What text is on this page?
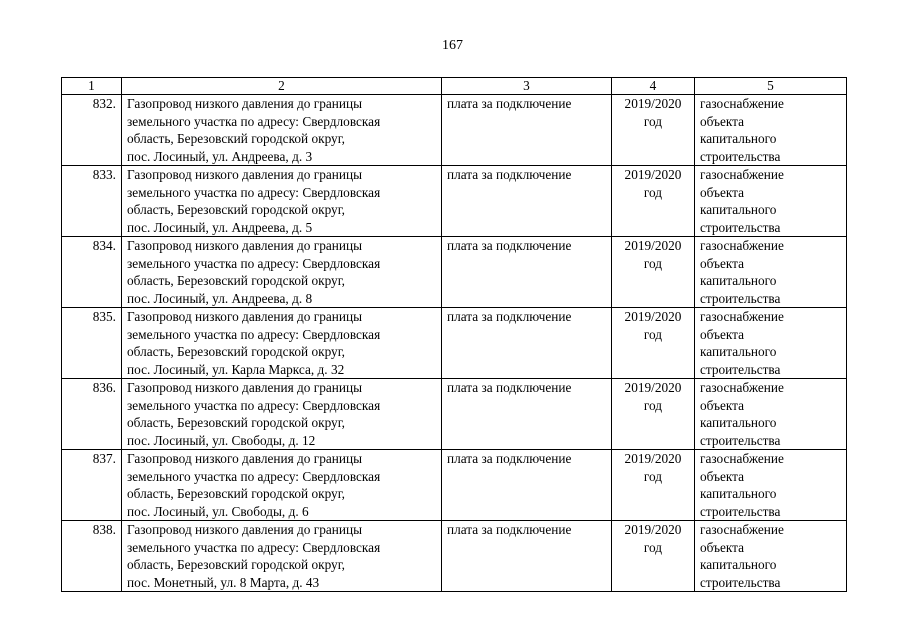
167
1	2	3	4	5
832.	Газопровод низкого давления до границы
земельного участка по адресу: Свердловская
область, Березовский городской округ,
пос. Лосиный, ул. Андреева, д. 3	плата за подключение	2019/2020
год	газоснабжение
объекта
капитального
строительства
833.	Газопровод низкого давления до границы
земельного участка по адресу: Свердловская
область, Березовский городской округ,
пос. Лосиный, ул. Андреева, д. 5	плата за подключение	2019/2020
год	газоснабжение
объекта
капитального
строительства
834.	Газопровод низкого давления до границы
земельного участка по адресу: Свердловская
область, Березовский городской округ,
пос. Лосиный, ул. Андреева, д. 8	плата за подключение	2019/2020
год	газоснабжение
объекта
капитального
строительства
835.	Газопровод низкого давления до границы
земельного участка по адресу: Свердловская
область, Березовский городской округ,
пос. Лосиный, ул. Карла Маркса, д. 32	плата за подключение	2019/2020
год	газоснабжение
объекта
капитального
строительства
836.	Газопровод низкого давления до границы
земельного участка по адресу: Свердловская
область, Березовский городской округ,
пос. Лосиный, ул. Свободы, д. 12	плата за подключение	2019/2020
год	газоснабжение
объекта
капитального
строительства
837.	Газопровод низкого давления до границы
земельного участка по адресу: Свердловская
область, Березовский городской округ,
пос. Лосиный, ул. Свободы, д. 6	плата за подключение	2019/2020
год	газоснабжение
объекта
капитального
строительства
838.	Газопровод низкого давления до границы
земельного участка по адресу: Свердловская
область, Березовский городской округ,
пос. Монетный, ул. 8 Марта, д. 43	плата за подключение	2019/2020
год	газоснабжение
объекта
капитального
строительства
